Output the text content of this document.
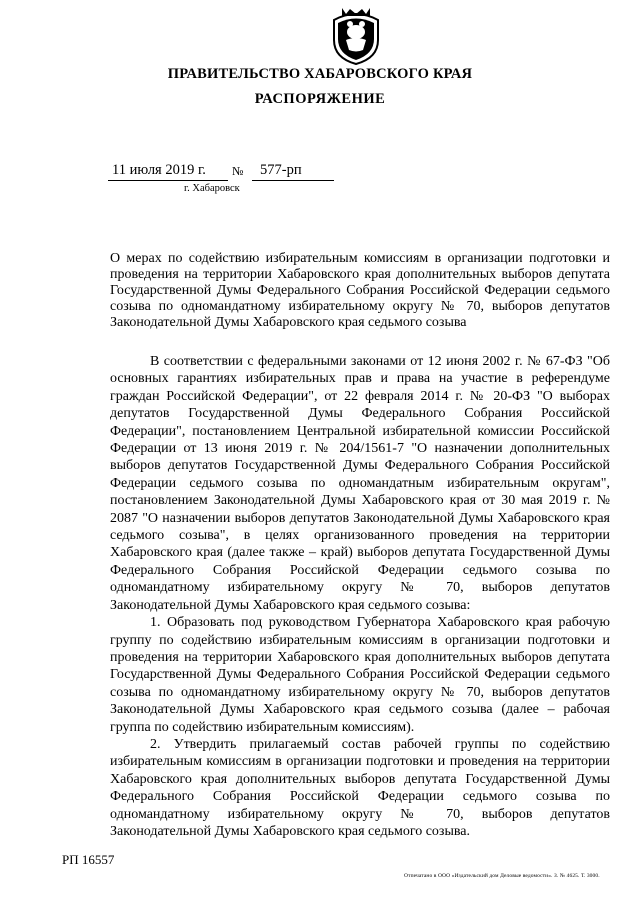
ПРАВИТЕЛЬСТВО ХАБАРОВСКОГО КРАЯ
РАСПОРЯЖЕНИЕ
11 июля 2019 г. № 577-рп
г. Хабаровск
О мерах по содействию избирательным комиссиям в организации подготовки и проведения на территории Хабаровского края дополнительных выборов депутата Государственной Думы Федерального Собрания Российской Федерации седьмого созыва по одномандатному избирательному округу № 70, выборов депутатов Законодательной Думы Хабаровского края седьмого созыва

В соответствии с федеральными законами от 12 июня 2002 г. № 67-ФЗ "Об основных гарантиях избирательных прав и права на участие в референдуме граждан Российской Федерации", от 22 февраля 2014 г. № 20-ФЗ "О выборах депутатов Государственной Думы Федерального Собрания Российской Федерации", постановлением Центральной избирательной комиссии Российской Федерации от 13 июня 2019 г. № 204/1561-7 "О назначении дополнительных выборов депутатов Государственной Думы Федерального Собрания Российской Федерации седьмого созыва по одномандатным избирательным округам", постановлением Законодательной Думы Хабаровского края от 30 мая 2019 г. № 2087 "О назначении выборов депутатов Законодательной Думы Хабаровского края седьмого созыва", в целях организованного проведения на территории Хабаровского края (далее также – край) выборов депутата Государственной Думы Федерального Собрания Российской Федерации седьмого созыва по одномандатному избирательному округу № 70, выборов депутатов Законодательной Думы Хабаровского края седьмого созыва:

1. Образовать под руководством Губернатора Хабаровского края рабочую группу по содействию избирательным комиссиям в организации подготовки и проведения на территории Хабаровского края дополнительных выборов депутата Государственной Думы Федерального Собрания Российской Федерации седьмого созыва по одномандатному избирательному округу № 70, выборов депутатов Законодательной Думы Хабаровского края седьмого созыва (далее – рабочая группа по содействию избирательным комиссиям).

2. Утвердить прилагаемый состав рабочей группы по содействию избирательным комиссиям в организации подготовки и проведения на территории Хабаровского края дополнительных выборов депутата Государственной Думы Федерального Собрания Российской Федерации седьмого созыва по одномандатному избирательному округу № 70, выборов депутатов Законодательной Думы Хабаровского края седьмого созыва.

РП 16557
Отпечатано в ООО «Издательский дом Деловые ведомости». З. № 4625. Т. 3000.
